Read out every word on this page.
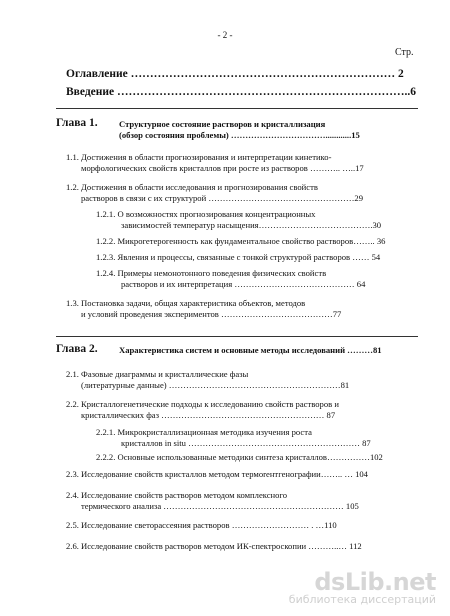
- 2 -
Стр.
Оглавление …………………………………………………………… 2
Введение …………………………………………………………………..6
Глава 1. Структурное состояние растворов и кристаллизация
(обзор состояния проблемы) ……………………………............15
1.1. Достижения в области прогнозирования и интерпретации кинетико-
морфологических свойств кристаллов при росте из растворов ……….. …..17
1.2. Достижения в области исследования и прогнозирования свойств
растворов в связи с их структурой ……………………………………………29
1.2.1. О возможностях прогнозирования концентрационных
зависимостей температур насыщения………………………………….30
1.2.2. Микрогетерогенность как фундаментальное свойство растворов…….. 36
1.2.3. Явления и процессы, связанные с тонкой структурой растворов …… 54
1.2.4. Примеры немонотонного поведения физических свойств
растворов и их интерпретация …………………………………… 64
1.3. Постановка задачи, общая характеристика объектов, методов
и условий проведения экспериментов …………………………………77
Глава 2. Характеристика систем и основные методы исследований ………81
2.1. Фазовые диаграммы и кристаллические фазы
(литературные данные) ……………………………………………………81
2.2. Кристаллогенетические подходы к исследованию свойств растворов и
кристаллических фаз ………………………………………………… 87
2.2.1. Микрокристаллизационная методика изучения роста
кристаллов in situ …………………………………………………… 87
2.2.2. Основные использованные методики синтеза кристаллов……………102
2.3. Исследование свойств кристаллов методом термоrентгенографии…….. … 104
2.4. Исследование свойств растворов методом комплексного
термического анализа ……………………………………………………… 105
2.5. Исследование светорассеяния растворов ……………………… . …110
2.6. Исследование свойств растворов методом ИК-спектроскопии ………..… 112
dsLib.net
библиотека диссертаций
